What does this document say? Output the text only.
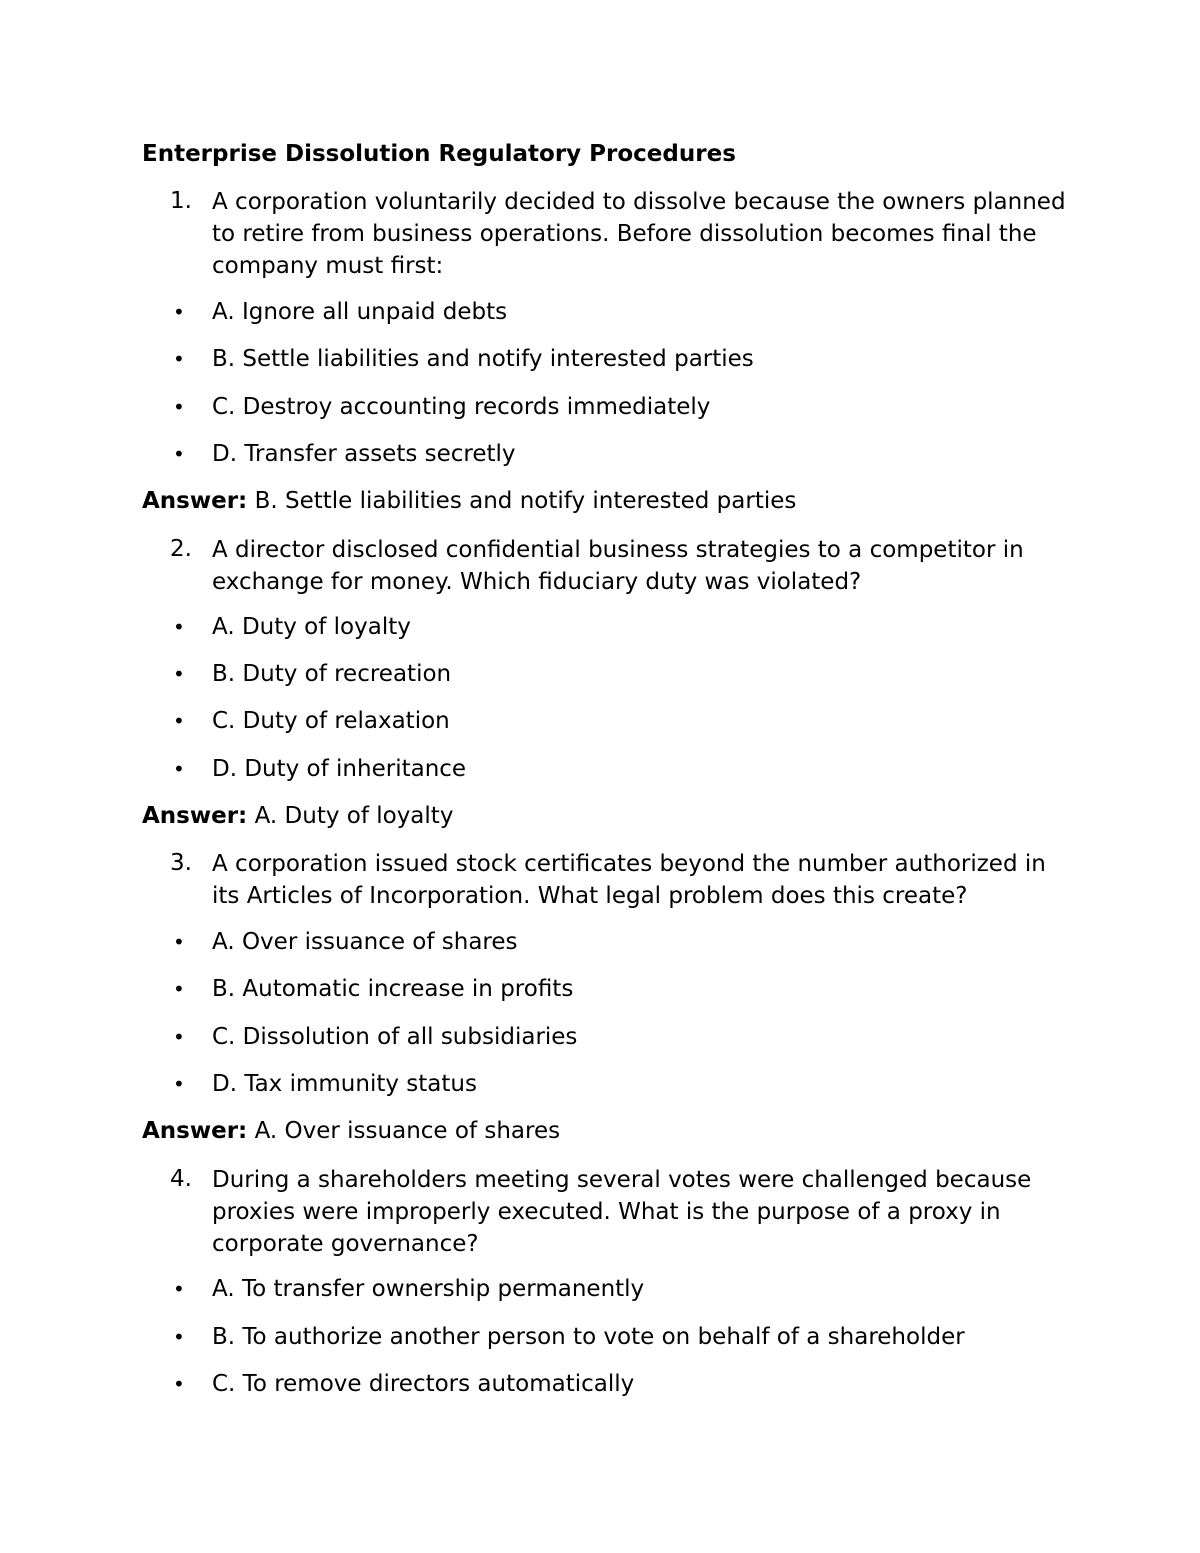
Enterprise Dissolution Regulatory Procedures
1. A corporation voluntarily decided to dissolve because the owners planned to retire from business operations. Before dissolution becomes final the company must first:
• A. Ignore all unpaid debts
• B. Settle liabilities and notify interested parties
• C. Destroy accounting records immediately
• D. Transfer assets secretly
Answer: B. Settle liabilities and notify interested parties
2. A director disclosed confidential business strategies to a competitor in exchange for money. Which fiduciary duty was violated?
• A. Duty of loyalty
• B. Duty of recreation
• C. Duty of relaxation
• D. Duty of inheritance
Answer: A. Duty of loyalty
3. A corporation issued stock certificates beyond the number authorized in its Articles of Incorporation. What legal problem does this create?
• A. Over issuance of shares
• B. Automatic increase in profits
• C. Dissolution of all subsidiaries
• D. Tax immunity status
Answer: A. Over issuance of shares
4. During a shareholders meeting several votes were challenged because proxies were improperly executed. What is the purpose of a proxy in corporate governance?
• A. To transfer ownership permanently
• B. To authorize another person to vote on behalf of a shareholder
• C. To remove directors automatically
